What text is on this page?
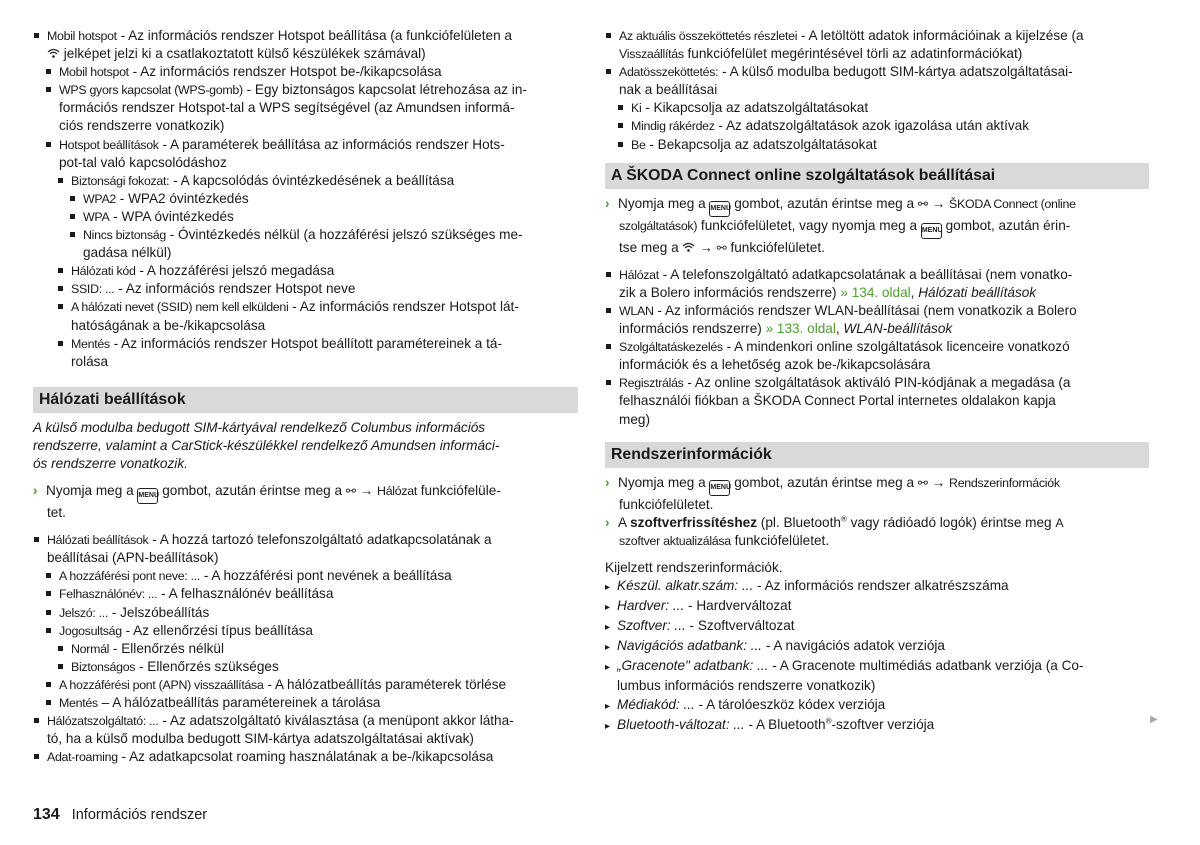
Mobil hotspot - Az információs rendszer Hotspot beállítása (a funkciófelületen a
jelképet jelzi ki a csatlakoztatott külső készülékek számával)
Mobil hotspot - Az információs rendszer Hotspot be-/kikapcsolása
WPS gyors kapcsolat (WPS-gomb) - Egy biztonságos kapcsolat létrehozása az in-
formációs rendszer Hotspot-tal a WPS segítségével (az Amundsen informá-
ciós rendszerre vonatkozik)
Hotspot beállítások - A paraméterek beállítása az információs rendszer Hots-
pot-tal való kapcsolódáshoz
Biztonsági fokozat: - A kapcsolódás óvintézkedésének a beállítása
WPA2 - WPA2 óvintézkedés
WPA - WPA óvintézkedés
Nincs biztonság - Óvintézkedés nélkül (a hozzáférési jelszó szükséges me-
gadása nélkül)
Hálózati kód - A hozzáférési jelszó megadása
SSID: ... - Az információs rendszer Hotspot neve
A hálózati nevet (SSID) nem kell elküldeni - Az információs rendszer Hotspot lát-
hatóságának a be-/kikapcsolása
Mentés - Az információs rendszer Hotspot beállított paramétereinek a tá-
rolása
Hálózati beállítások
A külső modulba bedugott SIM-kártyával rendelkező Columbus információs
rendszerre, valamint a CarStick-készülékkel rendelkező Amundsen informáci-
ós rendszerre vonatkozik.
› Nyomja meg a MENU gombot, azután érintse meg a ⚯ → Hálózat funkciófelüle-
tet.
Hálózati beállítások - A hozzá tartozó telefonszolgáltató adatkapcsolatának a
beállításai (APN-beállítások)
A hozzáférési pont neve: ... - A hozzáférési pont nevének a beállítása
Felhasználónév: ... - A felhasználónév beállítása
Jelszó: ... - Jelszóbeállítás
Jogosultság - Az ellenőrzési típus beállítása
Normál - Ellenőrzés nélkül
Biztonságos - Ellenőrzés szükséges
A hozzáférési pont (APN) visszaállítása - A hálózatbeállítás paraméterek törlése
Mentés – A hálózatbeállítás paramétereinek a tárolása
Hálózatszolgáltató: ... - Az adatszolgáltató kiválasztása (a menüpont akkor látha-
tó, ha a külső modulba bedugott SIM-kártya adatszolgáltatásai aktívak)
Adat-roaming - Az adatkapcsolat roaming használatának a be-/kikapcsolása
Az aktuális összeköttetés részletei - A letöltött adatok információinak a kijelzése (a
Visszaállítás funkciófelület megérintésével törli az adatinformációkat)
Adatösszeköttetés: - A külső modulba bedugott SIM-kártya adatszolgáltatásai-
nak a beállításai
Ki - Kikapcsolja az adatszolgáltatásokat
Mindig rákérdez - Az adatszolgáltatások azok igazolása után aktívak
Be - Bekapcsolja az adatszolgáltatásokat
A ŠKODA Connect online szolgáltatások beállításai
› Nyomja meg a MENU gombot, azután érintse meg a ⚯ → ŠKODA Connect (online
szolgáltatások) funkciófelületet, vagy nyomja meg a MENU gombot, azután érin-
tse meg a  → ⚯ funkciófelületet.
Hálózat - A telefonszolgáltató adatkapcsolatának a beállításai (nem vonatko-
zik a Bolero információs rendszerre) » 134. oldal, Hálózati beállítások
WLAN - Az információs rendszer WLAN-beállításai (nem vonatkozik a Bolero
információs rendszerre) » 133. oldal, WLAN-beállítások
Szolgáltatáskezelés - A mindenkori online szolgáltatások licenceire vonatkozó
információk és a lehetőség azok be-/kikapcsolására
Regisztrálás - Az online szolgáltatások aktiváló PIN-kódjának a megadása (a
felhasználói fiókban a ŠKODA Connect Portal internetes oldalakon kapja
meg)
Rendszerinformációk
› Nyomja meg a MENU gombot, azután érintse meg a ⚯ → Rendszerinformációk
funkciófelületet.
› A szoftverfrissítéshez (pl. Bluetooth® vagy rádióadó logók) érintse meg A
szoftver aktualizálása funkciófelületet.
Kijelzett rendszerinformációk.
▸ Készül. alkatr.szám: ... - Az információs rendszer alkatrészszáma
▸ Hardver: ... - Hardverváltozat
▸ Szoftver: ... - Szoftverváltozat
▸ Navigációs adatbank: ... - A navigációs adatok verziója
▸ „Gracenote" adatbank: ... - A Gracenote multimédiás adatbank verziója (a Co-
lumbus információs rendszerre vonatkozik)
▸ Médiakód: ... - A tárolóeszköz kódex verziója
▸ Bluetooth-változat: ... - A Bluetooth®-szoftver verziója	▶
134 Információs rendszer
